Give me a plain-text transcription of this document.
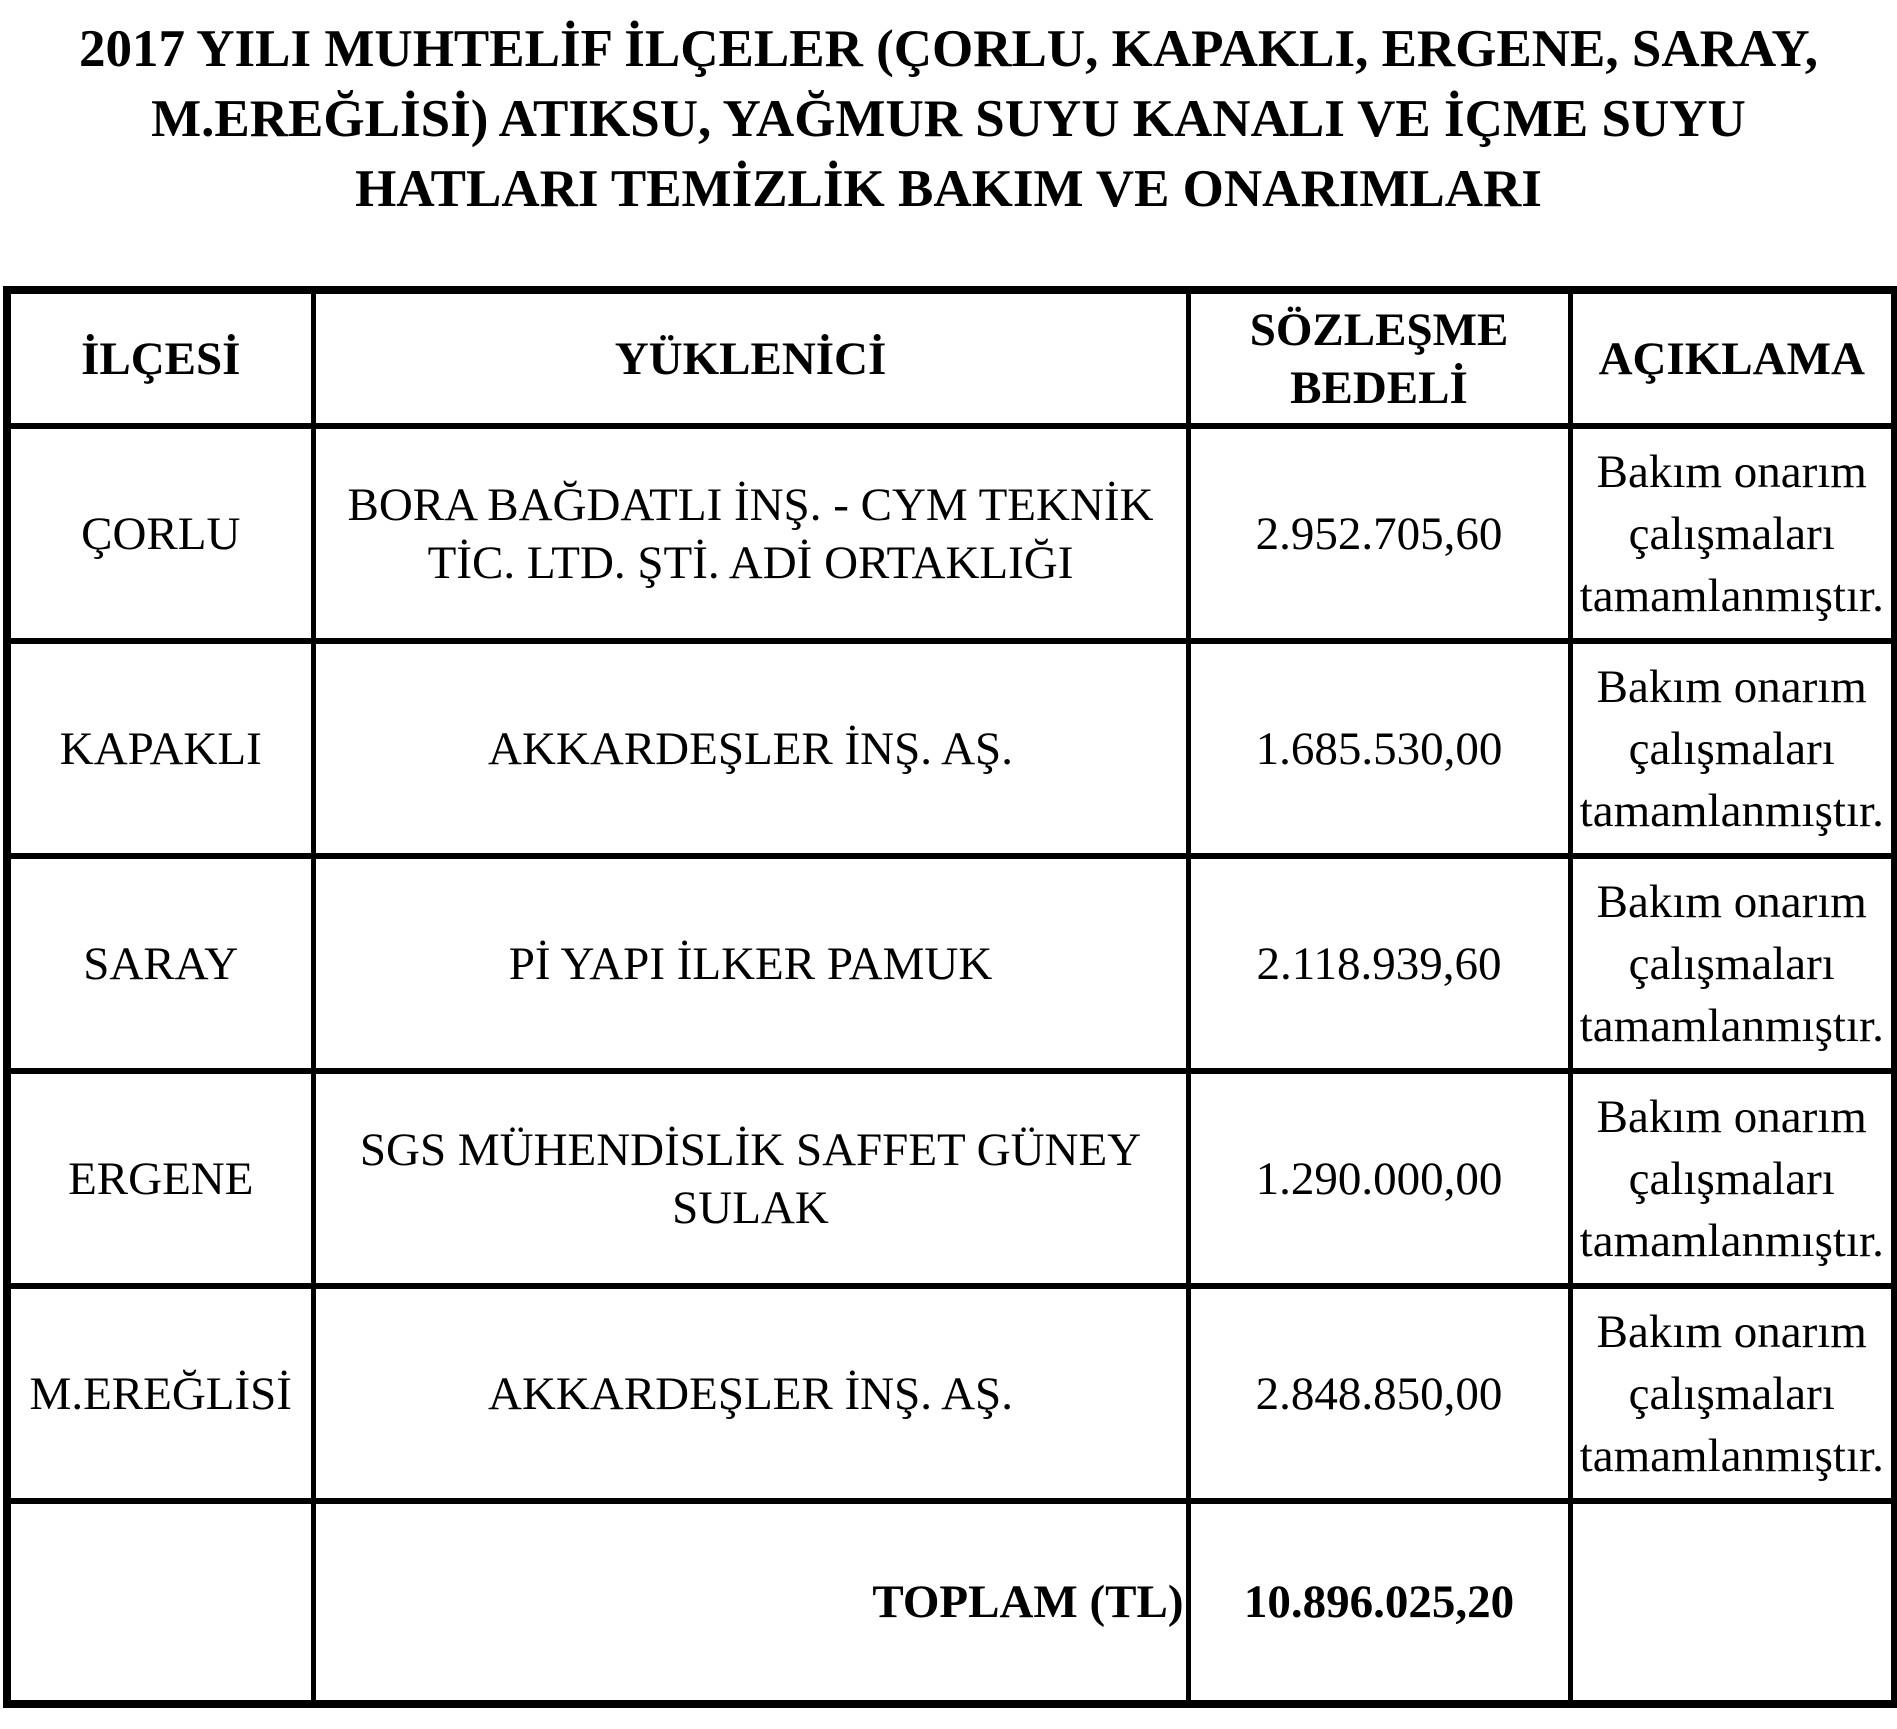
2017 YILI MUHTELİF İLÇELER (ÇORLU, KAPAKLI, ERGENE, SARAY,
M.EREĞLİSİ) ATIKSU, YAĞMUR SUYU KANALI VE İÇME SUYU
HATLARI TEMİZLİK BAKIM VE ONARIMLARI
İLÇESİ	YÜKLENİCİ	SÖZLEŞME BEDELİ	AÇIKLAMA
ÇORLU	BORA BAĞDATLI İNŞ. - CYM TEKNİK TİC. LTD. ŞTİ. ADİ ORTAKLIĞI	2.952.705,60	Bakım onarım çalışmaları tamamlanmıştır.
KAPAKLI	AKKARDEŞLER İNŞ. AŞ.	1.685.530,00	Bakım onarım çalışmaları tamamlanmıştır.
SARAY	Pİ YAPI İLKER PAMUK	2.118.939,60	Bakım onarım çalışmaları tamamlanmıştır.
ERGENE	SGS MÜHENDİSLİK SAFFET GÜNEY SULAK	1.290.000,00	Bakım onarım çalışmaları tamamlanmıştır.
M.EREĞLİSİ	AKKARDEŞLER İNŞ. AŞ.	2.848.850,00	Bakım onarım çalışmaları tamamlanmıştır.
	TOPLAM (TL)	10.896.025,20	
